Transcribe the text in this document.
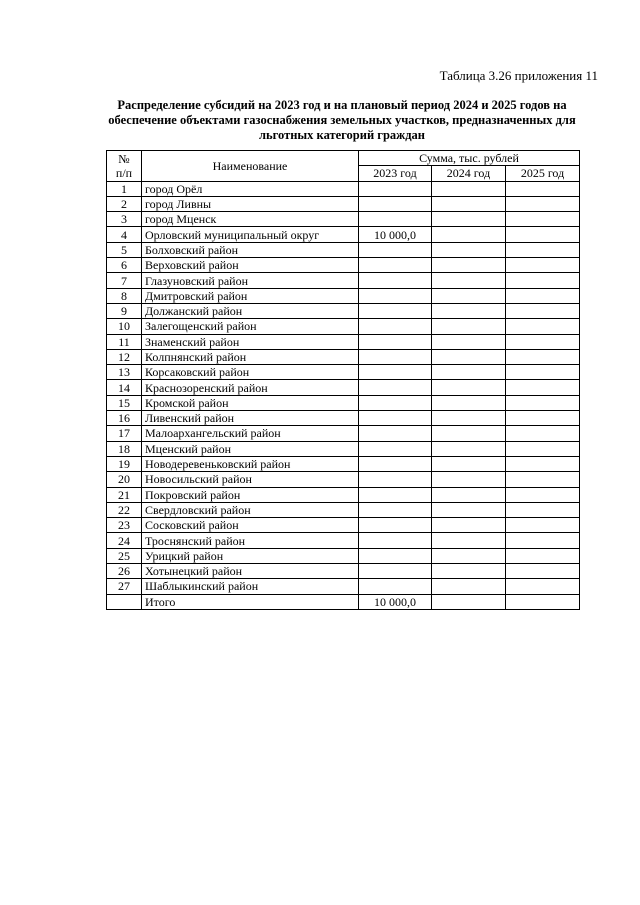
Таблица 3.26 приложения 11
Распределение субсидий на 2023 год и на плановый период 2024 и 2025 годов на обеспечение объектами газоснабжения земельных участков, предназначенных для льготных категорий граждан
№
п/п	Наименование	Сумма, тыс. рублей		
		2023 год	2024 год	2025 год
1	город Орёл			
2	город Ливны			
3	город Мценск			
4	Орловский муниципальный округ	10 000,0		
5	Болховский район			
6	Верховский район			
7	Глазуновский район			
8	Дмитровский район			
9	Должанский район			
10	Залегощенский район			
11	Знаменский район			
12	Колпнянский район			
13	Корсаковский район			
14	Краснозоренский район			
15	Кромской район			
16	Ливенский район			
17	Малоархангельский район			
18	Мценский район			
19	Новодеревеньковский район			
20	Новосильский район			
21	Покровский район			
22	Свердловский район			
23	Сосковский район			
24	Троснянский район			
25	Урицкий район			
26	Хотынецкий район			
27	Шаблыкинский район			
	Итого	10 000,0		
